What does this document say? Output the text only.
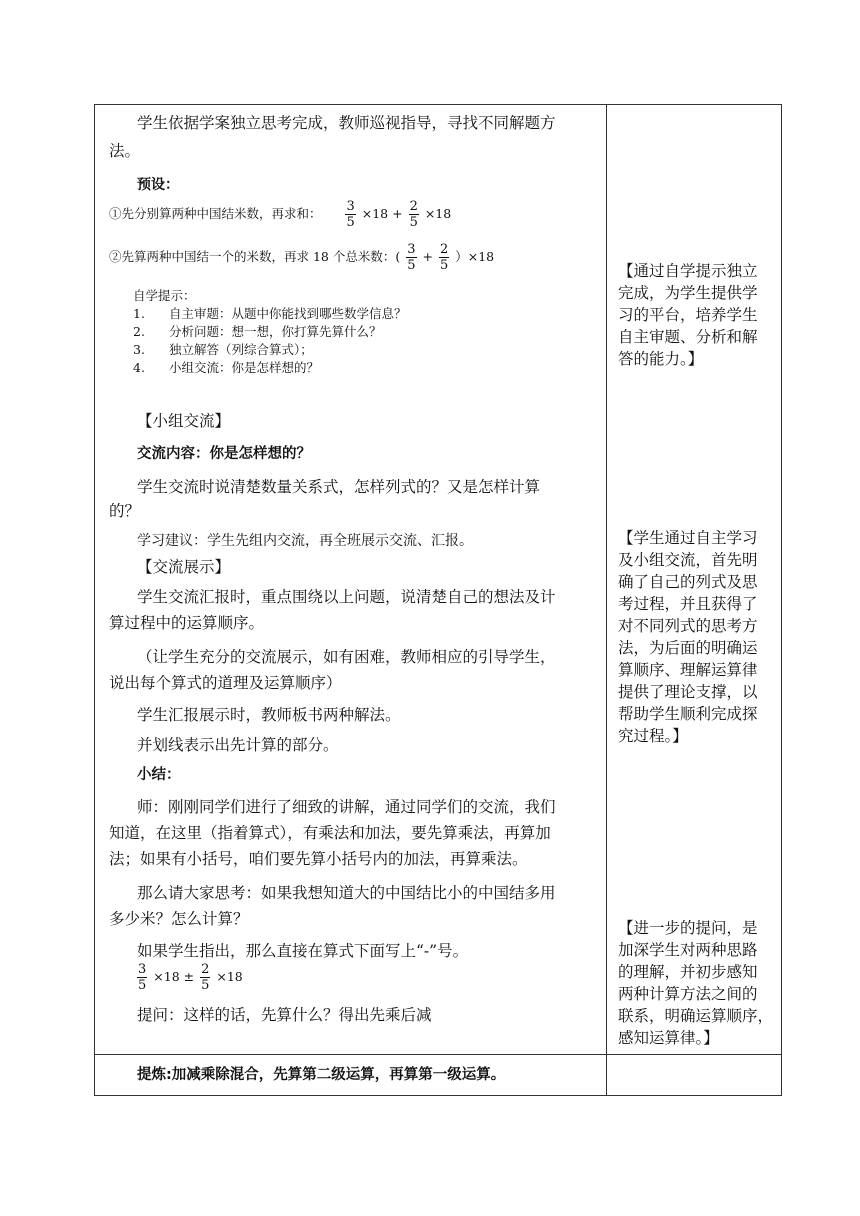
学生依据学案独立思考完成，教师巡视指导，寻找不同解题方
法。
预设：
①先分别算两种中国结米数，再求和： $\frac{3}{5} \times 18 + \frac{2}{5} \times 18$
②先算两种中国结一个的米数，再求 18 个总米数：( $\frac{3}{5} + \frac{2}{5} )\times 18$
自学提示：
1. 自主审题：从题中你能找到哪些数学信息？
2. 分析问题：想一想，你打算先算什么？
3. 独立解答（列综合算式）；
4. 小组交流：你是怎样想的？
【小组交流】
交流内容：你是怎样想的？
学生交流时说清楚数量关系式，怎样列式的？又是怎样计算
的？
学习建议：学生先组内交流，再全班展示交流、汇报。
【交流展示】
学生交流汇报时，重点围绕以上问题，说清楚自己的想法及计
算过程中的运算顺序。
（让学生充分的交流展示，如有困难，教师相应的引导学生，
说出每个算式的道理及运算顺序）
学生汇报展示时，教师板书两种解法。
并划线表示出先计算的部分。
小结：
师：刚刚同学们进行了细致的讲解，通过同学们的交流，我们
知道，在这里（指着算式），有乘法和加法，要先算乘法，再算加
法；如果有小括号，咱们要先算小括号内的加法，再算乘法。
那么请大家思考：如果我想知道大的中国结比小的中国结多用
多少米？怎么计算？
如果学生指出，那么直接在算式下面写上“-”号。
$\frac{3}{5} \times 18 \pm \frac{2}{5} \times 18$
提问：这样的话，先算什么？得出先乘后减
提炼:加减乘除混合，先算第二级运算，再算第一级运算。
【通过自学提示独立
完成，为学生提供学
习的平台，培养学生
自主审题、分析和解
答的能力。】
【学生通过自主学习
及小组交流，首先明
确了自己的列式及思
考过程，并且获得了
对不同列式的思考方
法，为后面的明确运
算顺序、理解运算律
提供了理论支撑，以
帮助学生顺利完成探
究过程。】
【进一步的提问，是
加深学生对两种思路
的理解，并初步感知
两种计算方法之间的
联系，明确运算顺序，
感知运算律。】
